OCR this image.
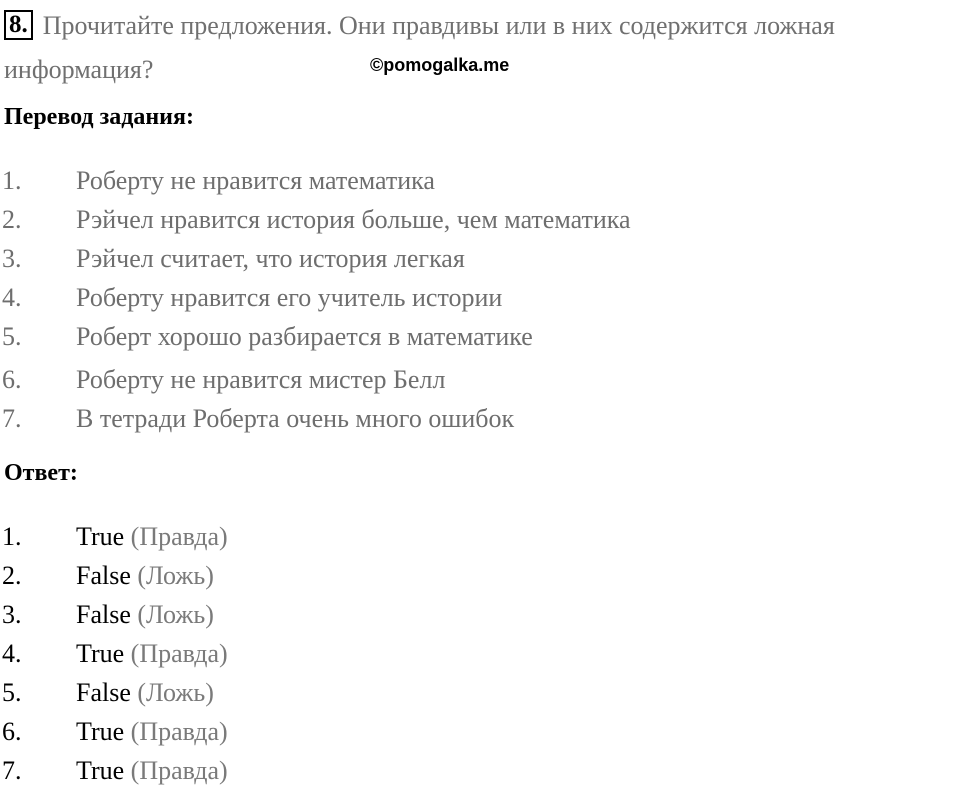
8. Прочитайте предложения. Они правдивы или в них содержится ложная информация?	©pomogalka.me
Перевод задания:
1.	Роберту не нравится математика
2.	Рэйчел нравится история больше, чем математика
3.	Рэйчел считает, что история легкая
4.	Роберту нравится его учитель истории
5.	Роберт хорошо разбирается в математике
6.	Роберту не нравится мистер Белл
7.	В тетради Роберта очень много ошибок
Ответ:
1.	True (Правда)
2.	False (Ложь)
3.	False (Ложь)
4.	True (Правда)
5.	False (Ложь)
6.	True (Правда)
7.	True (Правда)
